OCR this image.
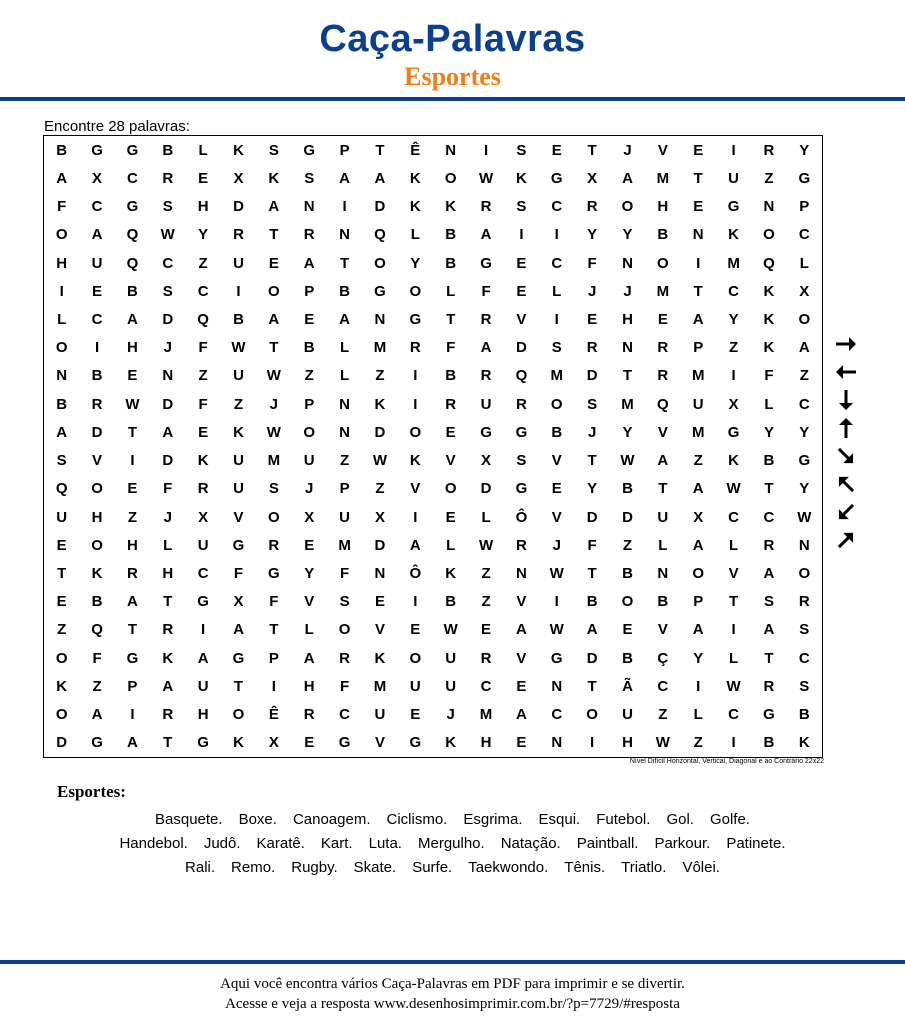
Caça-Palavras
Esportes
Encontre 28 palavras:
B	G	G	B	L	K	S	G	P	T	Ê	N	I	S	E	T	J	V	E	I	R	Y
A	X	C	R	E	X	K	S	A	A	K	O	W	K	G	X	A	M	T	U	Z	G
F	C	G	S	H	D	A	N	I	D	K	K	R	S	C	R	O	H	E	G	N	P
O	A	Q	W	Y	R	T	R	N	Q	L	B	A	I	I	Y	Y	B	N	K	O	C
H	U	Q	C	Z	U	E	A	T	O	Y	B	G	E	C	F	N	O	I	M	Q	L
I	E	B	S	C	I	O	P	B	G	O	L	F	E	L	J	J	M	T	C	K	X
L	C	A	D	Q	B	A	E	A	N	G	T	R	V	I	E	H	E	A	Y	K	O
O	I	H	J	F	W	T	B	L	M	R	F	A	D	S	R	N	R	P	Z	K	A
N	B	E	N	Z	U	W	Z	L	Z	I	B	R	Q	M	D	T	R	M	I	F	Z
B	R	W	D	F	Z	J	P	N	K	I	R	U	R	O	S	M	Q	U	X	L	C
A	D	T	A	E	K	W	O	N	D	O	E	G	G	B	J	Y	V	M	G	Y	Y
S	V	I	D	K	U	M	U	Z	W	K	V	X	S	V	T	W	A	Z	K	B	G
Q	O	E	F	R	U	S	J	P	Z	V	O	D	G	E	Y	B	T	A	W	T	Y
U	H	Z	J	X	V	O	X	U	X	I	E	L	Ô	V	D	D	U	X	C	C	W
E	O	H	L	U	G	R	E	M	D	A	L	W	R	J	F	Z	L	A	L	R	N
T	K	R	H	C	F	G	Y	F	N	Ô	K	Z	N	W	T	B	N	O	V	A	O
E	B	A	T	G	X	F	V	S	E	I	B	Z	V	I	B	O	B	P	T	S	R
Z	Q	T	R	I	A	T	L	O	V	E	W	E	A	W	A	E	V	A	I	A	S
O	F	G	K	A	G	P	A	R	K	O	U	R	V	G	D	B	Ç	Y	L	T	C
K	Z	P	A	U	T	I	H	F	M	U	U	C	E	N	T	Ã	C	I	W	R	S
O	A	I	R	H	O	Ê	R	C	U	E	J	M	A	C	O	U	Z	L	C	G	B
D	G	A	T	G	K	X	E	G	V	G	K	H	E	N	I	H	W	Z	I	B	K
Nível Difícil Horizontal, Vertical, Diagonal e ao Contrário 22x22
Esportes:
Basquete. Boxe. Canoagem. Ciclismo. Esgrima. Esqui. Futebol. Gol. Golfe.
Handebol. Judô. Karatê. Kart. Luta. Mergulho. Natação. Paintball. Parkour. Patinete.
Rali. Remo. Rugby. Skate. Surfe. Taekwondo. Tênis. Triatlo. Vôlei.
Aqui você encontra vários Caça-Palavras em PDF para imprimir e se divertir.
Acesse e veja a resposta www.desenhosimprimir.com.br/?p=7729/#resposta
